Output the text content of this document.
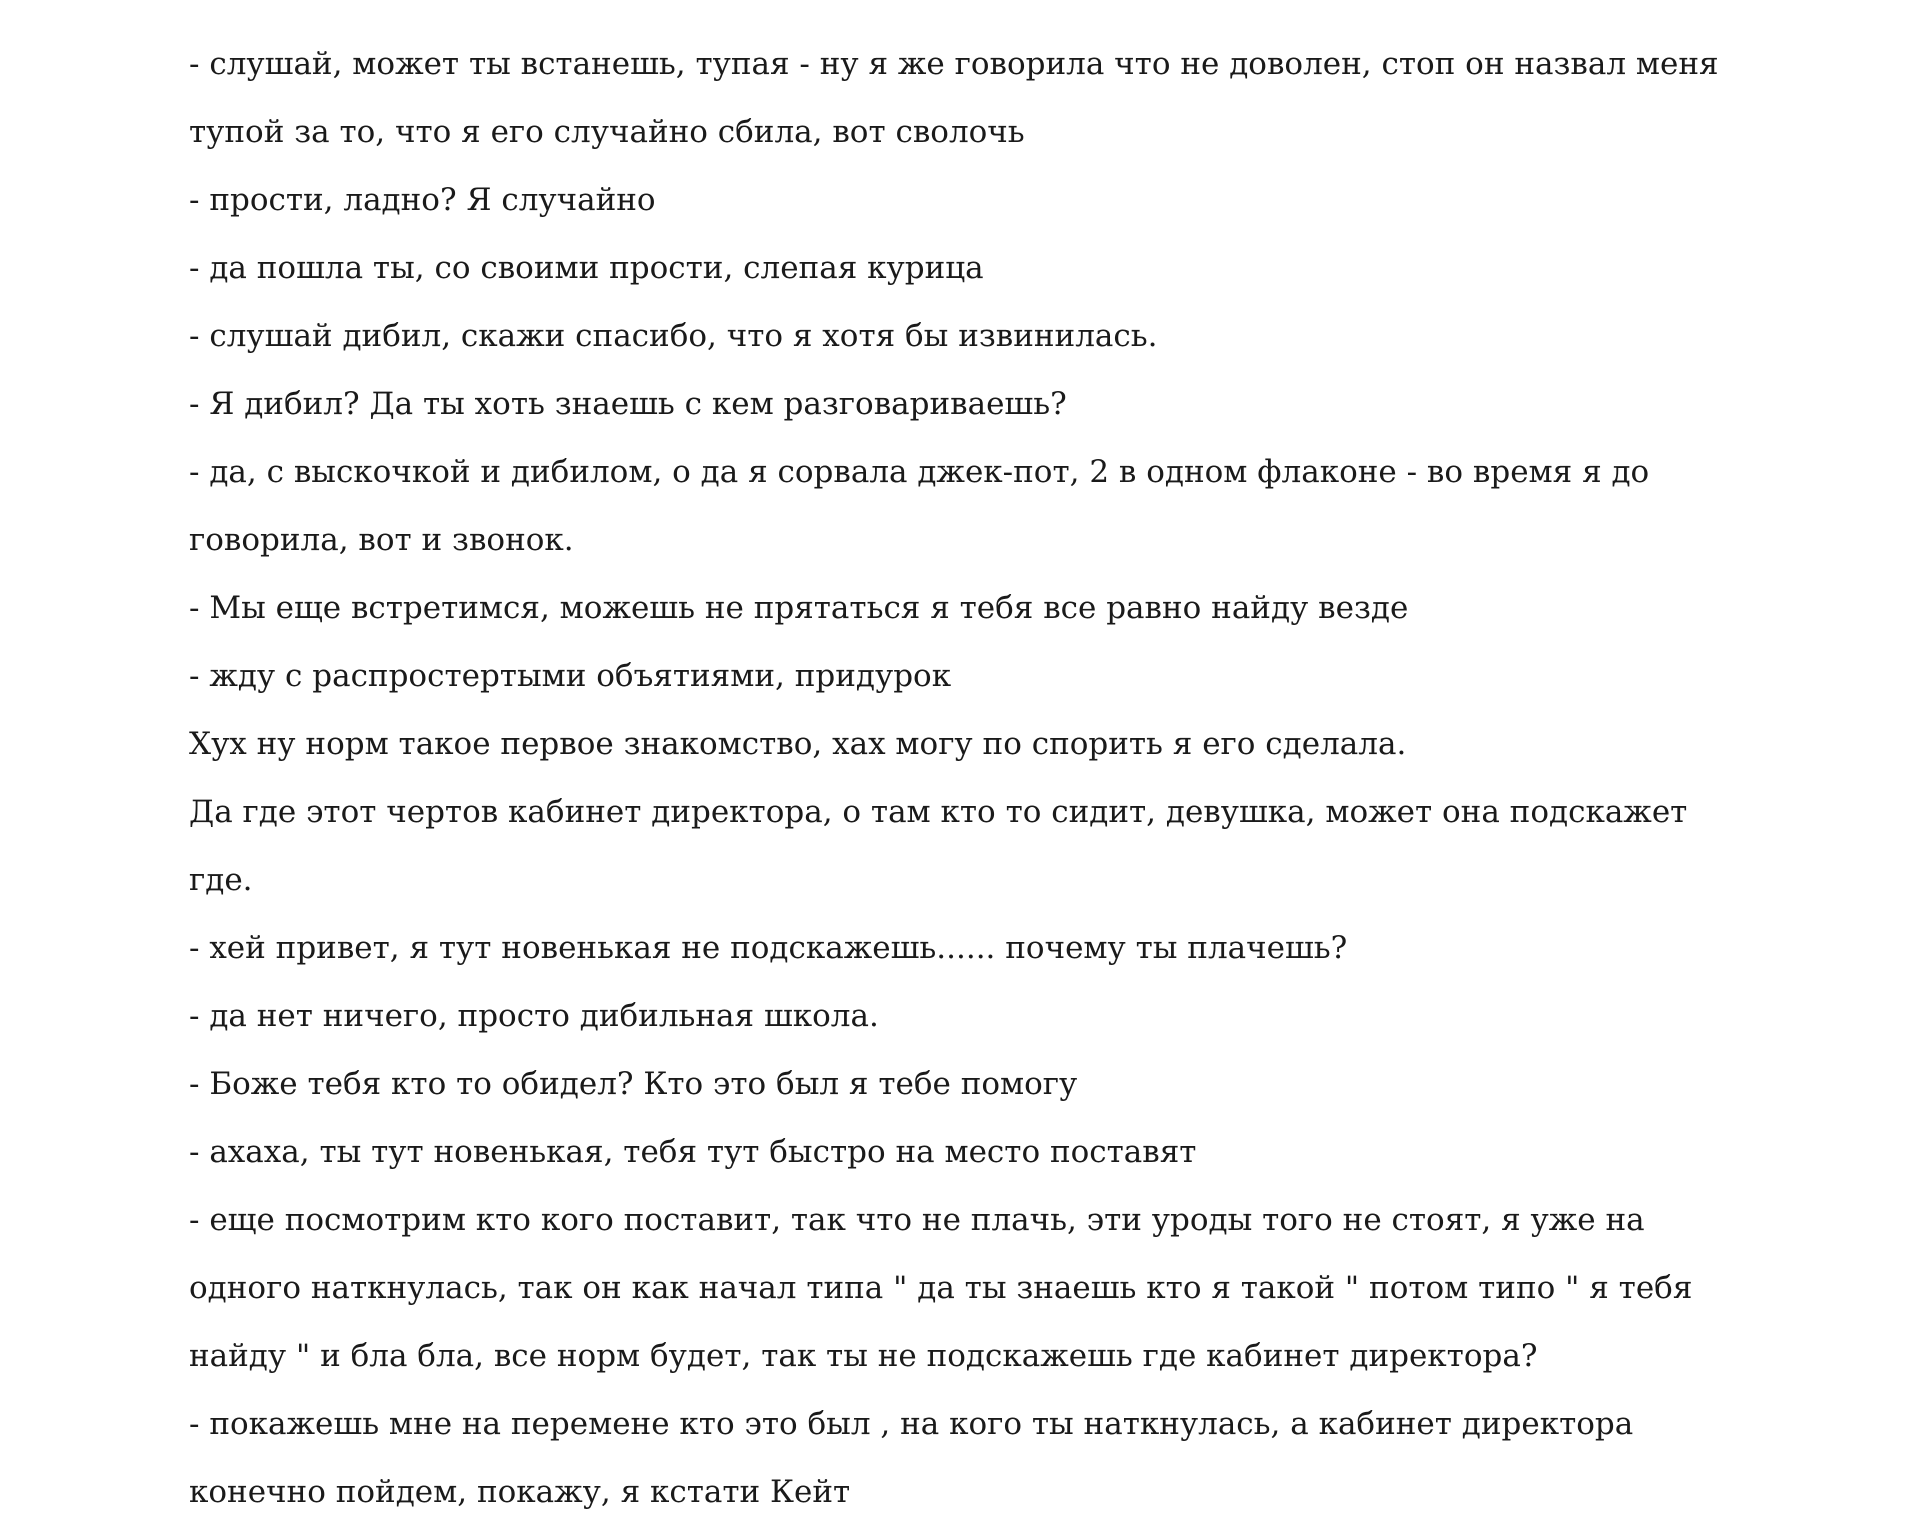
- слушай, может ты встанешь, тупая - ну я же говорила что не доволен, стоп он назвал меня тупой за то, что я его случайно сбила, вот сволочь

- прости, ладно? Я случайно

- да пошла ты, со своими прости, слепая курица

- слушай дибил, скажи спасибо, что я хотя бы извинилась.

- Я дибил? Да ты хоть знаешь с кем разговариваешь?

- да, с выскочкой и дибилом, о да я сорвала джек-пот, 2 в одном флаконе - во время я до говорила, вот и звонок.

- Мы еще встретимся, можешь не прятаться я тебя все равно найду везде

- жду с распростертыми объятиями, придурок

Хух ну норм такое первое знакомство, хах могу по спорить я его сделала.

Да где этот чертов кабинет директора, о там кто то сидит, девушка, может она подскажет где.

- хей привет, я тут новенькая не подскажешь...... почему ты плачешь?

- да нет ничего, просто дибильная школа.

- Боже тебя кто то обидел? Кто это был я тебе помогу

- ахаха, ты тут новенькая, тебя тут быстро на место поставят

- еще посмотрим кто кого поставит, так что не плачь, эти уроды того не стоят, я уже на одного наткнулась, так он как начал типа " да ты знаешь кто я такой " потом типо " я тебя найду " и бла бла, все норм будет, так ты не подскажешь где кабинет директора?

- покажешь мне на перемене кто это был , на кого ты наткнулась, а кабинет директора конечно пойдем, покажу, я кстати Кейт
